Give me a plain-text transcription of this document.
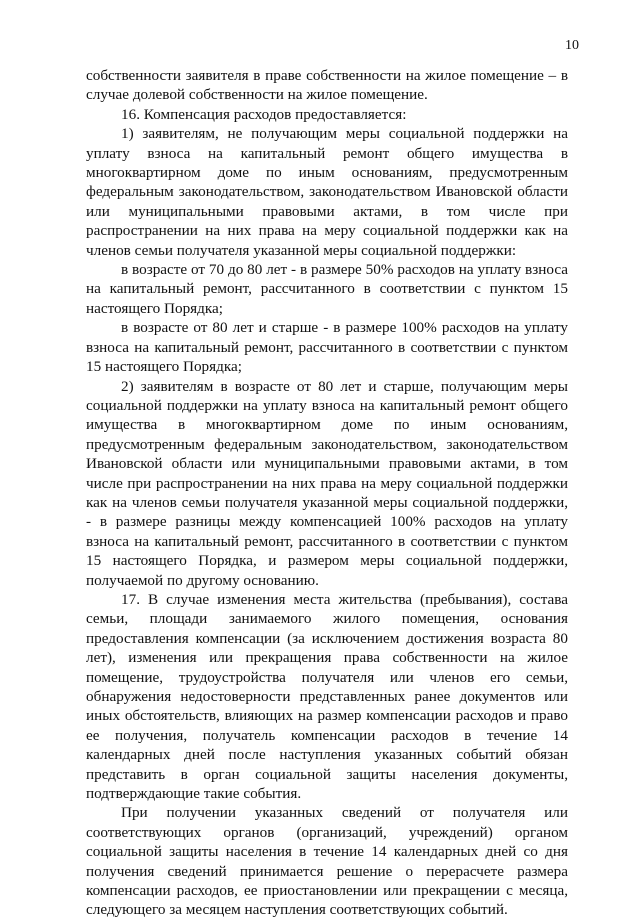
10

собственности заявителя в праве собственности на жилое помещение – в случае долевой собственности на жилое помещение.

16. Компенсация расходов предоставляется:

1) заявителям, не получающим меры социальной поддержки на уплату взноса на капитальный ремонт общего имущества в многоквартирном доме по иным основаниям, предусмотренным федеральным законодательством, законодательством Ивановской области или муниципальными правовыми актами, в том числе при распространении на них права на меру социальной поддержки как на членов семьи получателя указанной меры социальной поддержки:

в возрасте от 70 до 80 лет - в размере 50% расходов на уплату взноса на капитальный ремонт, рассчитанного в соответствии с пунктом 15 настоящего Порядка;

в возрасте от 80 лет и старше - в размере 100% расходов на уплату взноса на капитальный ремонт, рассчитанного в соответствии с пунктом 15 настоящего Порядка;

2) заявителям в возрасте от 80 лет и старше, получающим меры социальной поддержки на уплату взноса на капитальный ремонт общего имущества в многоквартирном доме по иным основаниям, предусмотренным федеральным законодательством, законодательством Ивановской области или муниципальными правовыми актами, в том числе при распространении на них права на меру социальной поддержки как на членов семьи получателя указанной меры социальной поддержки, - в размере разницы между компенсацией 100% расходов на уплату взноса на капитальный ремонт, рассчитанного в соответствии с пунктом 15 настоящего Порядка, и размером меры социальной поддержки, получаемой по другому основанию.

17. В случае изменения места жительства (пребывания), состава семьи, площади занимаемого жилого помещения, основания предоставления компенсации (за исключением достижения возраста 80 лет), изменения или прекращения права собственности на жилое помещение, трудоустройства получателя или членов его семьи, обнаружения недостоверности представленных ранее документов или иных обстоятельств, влияющих на размер компенсации расходов и право ее получения, получатель компенсации расходов в течение 14 календарных дней после наступления указанных событий обязан представить в орган социальной защиты населения документы, подтверждающие такие события.

При получении указанных сведений от получателя или соответствующих органов (организаций, учреждений) органом социальной защиты населения в течение 14 календарных дней со дня получения сведений принимается решение о перерасчете размера компенсации расходов, ее приостановлении или прекращении с месяца, следующего за месяцем наступления соответствующих событий.
